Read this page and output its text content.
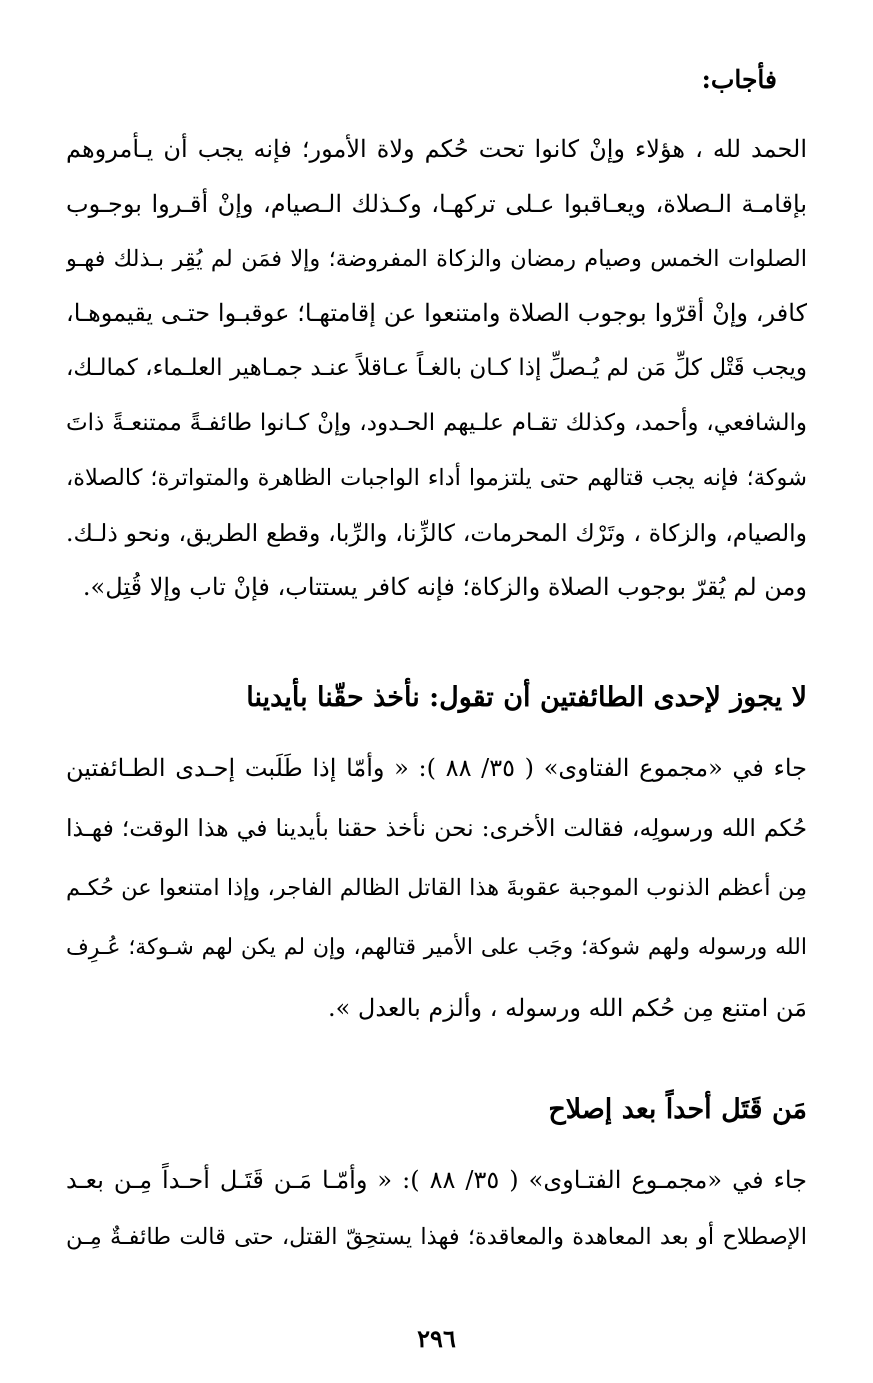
فأجاب:
الحمد لله ، هؤلاء وإنْ كانوا تحت حُكم ولاة الأمور؛ فإنه يجب أن يـأمروهم
بإقامـة الـصلاة، ويعـاقبوا عـلى تركهـا، وكـذلك الـصيام، وإنْ أقـروا بوجـوب
الصلوات الخمس وصيام رمضان والزكاة المفروضة؛ وإلا فمَن لم يُقِر بـذلك فهـو
كافر، وإنْ أقرّوا بوجوب الصلاة وامتنعوا عن إقامتهـا؛ عوقبـوا حتـى يقيموهـا،
ويجب قَتْل كلِّ مَن لم يُـصلِّ إذا كـان بالغـاً عـاقلاً عنـد جمـاهير العلـماء، كمالـك،
والشافعي، وأحمد، وكذلك تقـام علـيهم الحـدود، وإنْ كـانوا طائفـةً ممتنعـةً ذاتَ
شوكة؛ فإنه يجب قتالهم حتى يلتزموا أداء الواجبات الظاهرة والمتواترة؛ كالصلاة،
والصيام، والزكاة ، وتَرْك المحرمات، كالزِّنا، والرِّبا، وقطع الطريق، ونحو ذلـك.
ومن لم يُقرّ بوجوب الصلاة والزكاة؛ فإنه كافر يستتاب، فإنْ تاب وإلا قُتِل».
لا يجوز لإحدى الطائفتين أن تقول: نأخذ حقّنا بأيدينا
جاء في «مجموع الفتاوى» ( ٣٥/ ٨٨ ): « وأمّا إذا طَلَبت إحـدى الطـائفتين
حُكم الله ورسولِه، فقالت الأخرى: نحن نأخذ حقنا بأيدينا في هذا الوقت؛ فهـذا
مِن أعظم الذنوب الموجبة عقوبةَ هذا القاتل الظالم الفاجر، وإذا امتنعوا عن حُكـم
الله ورسوله ولهم شوكة؛ وجَب على الأمير قتالهم، وإن لم يكن لهم شـوكة؛ عُـرِف
مَن امتنع مِن حُكم الله ورسوله ، وألزم بالعدل ».
مَن قَتَل أحداً بعد إصلاح
جاء في «مجمـوع الفتـاوى» ( ٣٥/ ٨٨ ): « وأمّـا مَـن قَتَـل أحـداً مِـن بعـد
الإصطلاح أو بعد المعاهدة والمعاقدة؛ فهذا يستحِقّ القتل، حتى قالت طائفـةٌ مِـن
٢٩٦
